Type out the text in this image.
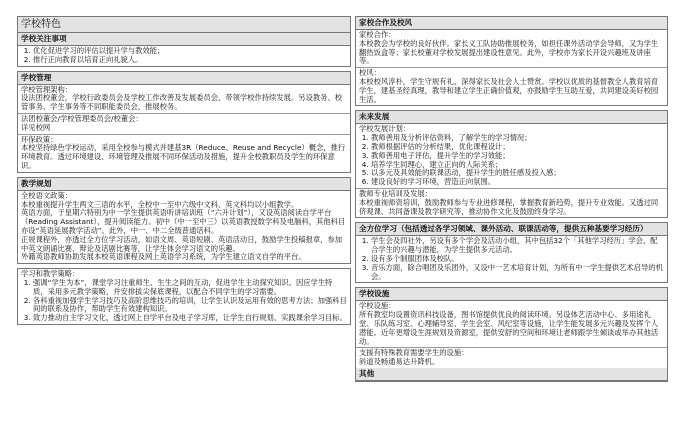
学校特色
学校关注事项
1. 优化促进学习的评估以提升学与教效能；
2. 推行正向教育以培育正向礼貌人。
学校管理
学校管理架构：
设法团校董会，学校行政委员会及学校工作改善及发展委员会，带领学校作持续发展。另设教务、校管事务、学生事务等不同职能委员会，推展校务。
法团校董会/学校管理委员会/校董会：
详见校网
环保政策：
本校坚持绿色学校运动，采用全校参与模式并建基3R（Reduce、Reuse and Recycle）概念，推行环境教育。透过环境建设、环境管理及推展不同环保活动及措施，提升全校教职员及学生的环保意识。
教学规划
全校语文政策：
本校重视提升学生两文三语的水平，全校中一至中六级中文科、英文科均以小组教学。
英语方面，于星期六特别为中一学生提供英语听讲培训班（“六升计划”），又设英语阅读自学平台（Reading Assistant），提升阅读能力。初中（中一至中三）以英语教授数学科及电脑科，其他科目亦设“英语延展教学活动”。此外，中一、中二全级普通话科。
正规课程外，亦透过全方位学习活动，如语文周、英语短剧、英语活动日，鼓励学生投稿报章，参加中英文朗诵比赛、辩论及话剧比赛等，让学生体会学习语文的乐趣。
外籍英语教师协助发展本校英语课程及网上英语学习系统，为学生建立语文自学的平台。
学习和教学策略：
1. 强调“学生为本”，课堂学习注重师生、生生之间的互动，促进学生主动探究知识。因应学生特质，采用多元教学策略，并安排拔尖保底课程，以配合不同学生的学习需要。
2. 各科重视加强学生学习技巧及高阶思维技巧的培训，让学生认识及运用有效的思考方法；加强科目间的联系及协作，帮助学生有效建构知识。
3. 致力推动自主学习文化，透过网上自学平台及电子学习库，让学生自行规划、实践课余学习目标。
家校合作及校风
家校合作：
本校教会为学校的良好伙伴。家长义工队协助推展校务，如担任课外活动学会导师，又为学生翻热饭盒等；家长校董对学校发展提出建设性意见。此外，学校亦为家长开设兴趣班及讲座等。
校风：
本校校风淳朴，学生守规有礼，深得家长及社会人士赞赏。学校以优质的基督教全人教育培育学生，建基圣经真理，教导和建立学生正确价值观，亦鼓励学生互助互爱，共同建设美好校园生活。
未来发展
学校发展计划：
1. 教师善用及分析评估资料，了解学生的学习情况；
2. 教师根据评估的分析结果，优化课程设计；
3. 教师善用电子评估，提升学生的学习效能；
4. 培养学生同理心，建立正向的人际关系；
5. 以多元及具效能的联课活动，提升学生的胜任感及投入感；
6. 建设良好的学习环境，营造正向氛围。
教师专业培训及发展：
本校重视师资培训，鼓励教师参与专业进修课程，掌握教育新趋势，提升专业效能。又透过同侪观课、共同备课及教学研究等，推动协作文化及鼓励终身学习。
全方位学习（包括透过各学习领域、课外活动、联课活动等，提供五种基要学习经历）
1. 学生会及四社外，另设有多个学会及活动小组，其中包括32个「其他学习经历」学会，配合学生的兴趣与潜能，为学生提供多元活动。
2. 设有多个制服团体及校队。
3. 音乐方面，除合唱团及乐团外，又设中一艺术培育计划，为所有中一学生提供艺术启导的机会。
学校设施
学校设施：
所有教室均设置资讯科技设备，图书馆提供优良的阅读环境。另设体艺活动中心、多用途礼堂、乐队练习室、心理辅导室、学生会室、风纪室等设施，让学生能发展多元兴趣及发挥个人潜能。近年更增设生涯规划及资源室，提供安舒的空间和环境让老师跟学生倾谈或举办其他活动。
支援有特殊教育需要学生的设施：
斜道及畅通易达升降机。
其他
